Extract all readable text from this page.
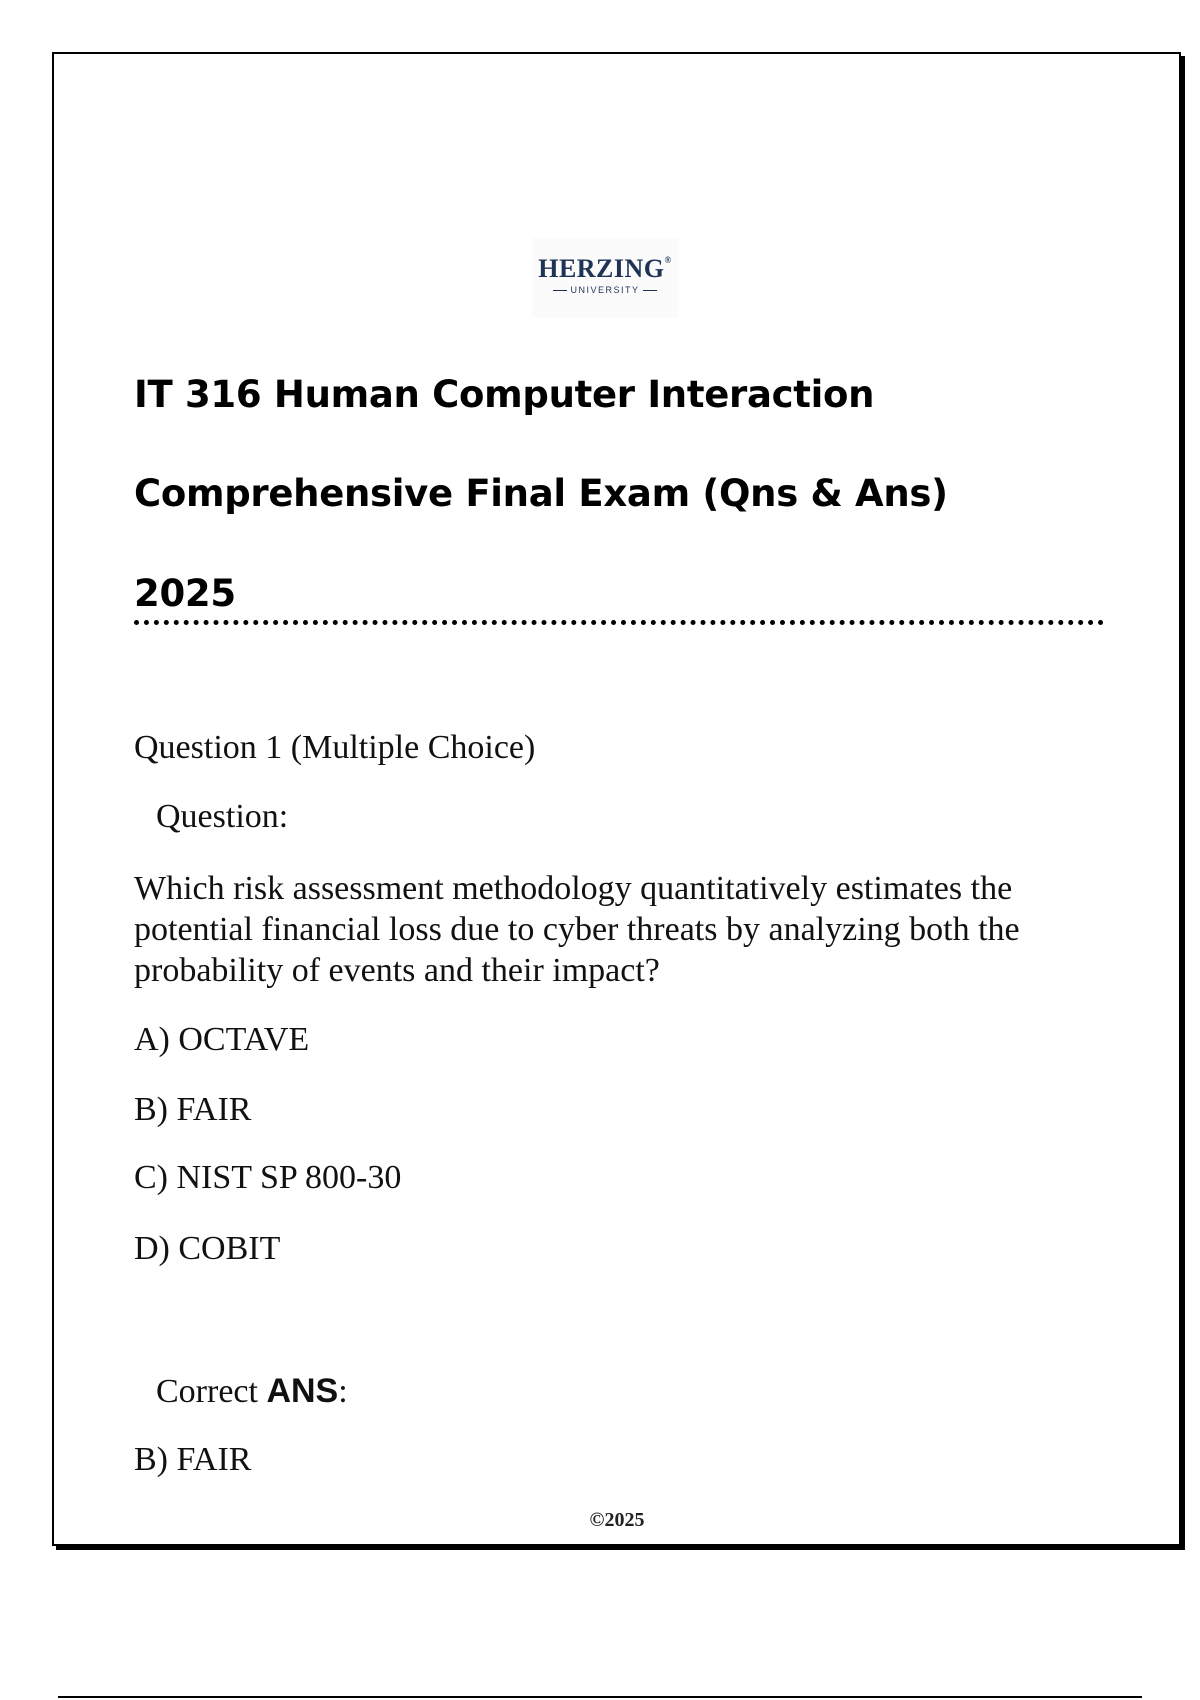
HERZING®
UNIVERSITY
IT 316 Human Computer Interaction
Comprehensive Final Exam (Qns & Ans)
2025
Question 1 (Multiple Choice)
Question:
Which risk assessment methodology quantitatively estimates the potential financial loss due to cyber threats by analyzing both the probability of events and their impact?
A) OCTAVE
B) FAIR
C) NIST SP 800-30
D) COBIT
Correct ANS:
B) FAIR
©2025
